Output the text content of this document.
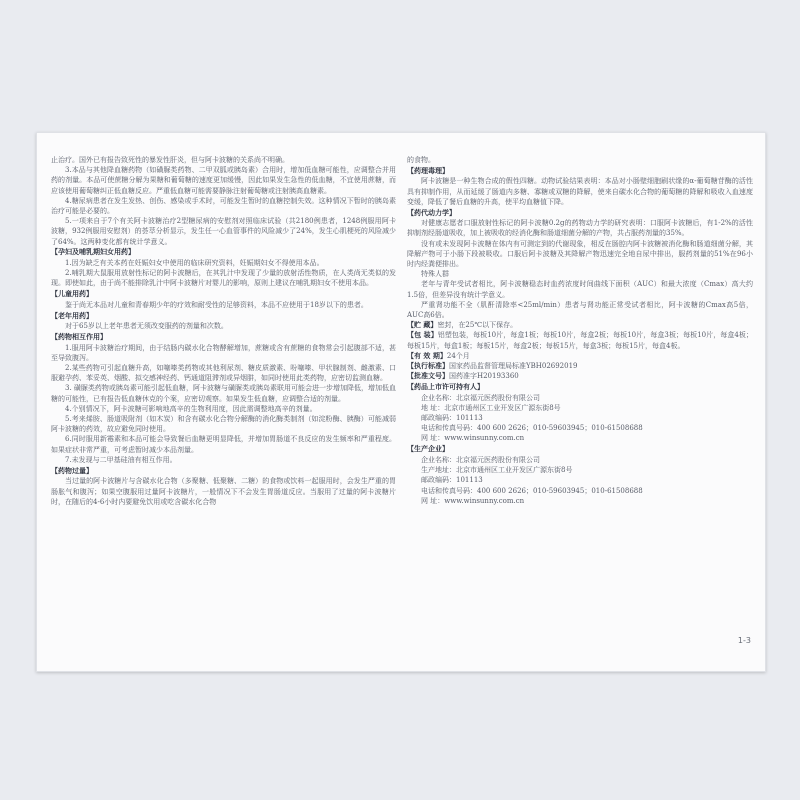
止治疗。国外已有报告致死性的暴发性肝炎，但与阿卡波糖的关系尚不明确。

3.本品与其他降血糖药物（如磺脲类药物、二甲双胍或胰岛素）合用时，增加低血糖可能性，应调整合并用药的剂量。本品可使蔗糖分解为果糖和葡萄糖的速度更加缓慢，因此如果发生急性的低血糖，不宜使用蔗糖，而应该使用葡萄糖纠正低血糖反应。严重低血糖可能需要静脉注射葡萄糖或注射胰高血糖素。

4.糖尿病患者在发生发热、创伤、感染或手术时，可能发生暂时的血糖控制失效。这种情况下暂时的胰岛素治疗可能是必要的。

5.一项来自于7个有关阿卡波糖治疗2型糖尿病的安慰剂对照临床试验（共2180例患者，1248例服用阿卡波糖，932例服用安慰剂）的荟萃分析显示，发生任一心血管事件的风险减少了24%，发生心肌梗死的风险减少了64%。这两种变化都有统计学意义。

【孕妇及哺乳期妇女用药】

1.因为缺乏有关本药在妊娠妇女中使用的临床研究资料，妊娠期妇女不得使用本品。

2.哺乳期大鼠服用放射性标记的阿卡波糖后，在其乳汁中发现了少量的放射活性物质，在人类尚无类似的发现。即使如此，由于尚不能排除乳汁中阿卡波糖片对婴儿的影响，原则上建议在哺乳期妇女不使用本品。

【儿童用药】

鉴于尚无本品对儿童和青春期少年的疗效和耐受性的足够资料，本品不应使用于18岁以下的患者。

【老年用药】

对于65岁以上老年患者无须改变服药的剂量和次数。

【药物相互作用】

1.服用阿卡波糖治疗期间，由于结肠内碳水化合物酵解增加，蔗糖或含有蔗糖的食物常会引起腹部不适，甚至导致腹泻。

2.某些药物可引起血糖升高，如噻嗪类药物或其他利尿剂、糖皮质激素、吩噻嗪、甲状腺制剂、雌激素、口服避孕药、苯妥英、烟酸、拟交感神经药、钙通道阻滞剂或异烟肼，如同时使用此类药物，应密切监测血糖。

3. 磺脲类药物或胰岛素可能引起低血糖，阿卡波糖与磺脲类或胰岛素联用可能会进一步增加降低，增加低血糖的可能性，已有报告低血糖休克的个案，应密切观察。如果发生低血糖，应调整合适的剂量。

4.个别情况下，阿卡波糖可影响地高辛的生物利用度，因此需调整地高辛的剂量。

5.考来烯胺、肠道吸附剂（如木炭）和含有碳水化合物分解酶的消化酶类制剂（如淀粉酶、胰酶）可能减弱阿卡波糖的药效，故应避免同时使用。

6.同时服用新霉素和本品可能会导致餐后血糖更明显降低，并增加胃肠道不良反应的发生频率和严重程度。如果症状非常严重，可考虑暂时减少本品剂量。

7.未发现与二甲基硅油有相互作用。

【药物过量】

当过量的阿卡波糖片与含碳水化合物（多聚糖、低聚糖、二糖）的食物或饮料一起服用时，会发生严重的胃肠胀气和腹泻；如果空腹服用过量阿卡波糖片，一般情况下不会发生胃肠道反应。当服用了过量的阿卡波糖片时，在随后的4-6小时内要避免饮用或吃含碳水化合物

的食物。

【药理毒理】

阿卡波糖是一种生物合成的假性四糖。动物试验结果表明：本品对小肠壁细胞刷状缘的α-葡萄糖苷酶的活性具有抑制作用，从而延缓了肠道内多糖、寡糖或双糖的降解，使来自碳水化合物的葡萄糖的降解和吸收入血速度变缓，降低了餐后血糖的升高，使平均血糖值下降。

【药代动力学】

对健康志愿者口服放射性标记的阿卡波糖0.2g的药物动力学的研究表明：口服阿卡波糖后，有1-2%的活性抑制剂经肠道吸收，加上被吸收的经消化酶和肠道细菌分解的产物，共占服药剂量的35%。

没有或未发现阿卡波糖在体内有可测定到的代谢现象，相反在肠腔内阿卡波糖被消化酶和肠道细菌分解，其降解产物可于小肠下段被吸收。口服后阿卡波糖及其降解产物迅速完全地自尿中排出，服药剂量的51%在96小时内经粪便排出。

特殊人群

老年与青年受试者相比，阿卡波糖稳态时血药浓度时间曲线下面积（AUC）和最大浓度（Cmax）高大约1.5倍，但差异没有统计学意义。

严重肾功能不全（肌酐清除率<25ml/min）患者与肾功能正常受试者相比，阿卡波糖的Cmax高5倍，AUC高6倍。

【贮 藏】密封，在25℃以下保存。

【包 装】铝塑包装，每板10片，每盒1板；每板10片，每盒2板；每板10片，每盒3板；每板10片，每盒4板；每板15片，每盒1板；每板15片，每盒2板；每板15片，每盒3板；每板15片，每盒4板。

【有 效 期】24个月

【执行标准】国家药品监督管理局标准YBH02692019

【批准文号】国药准字H20193360

【药品上市许可持有人】

企业名称：北京福元医药股份有限公司

地 址：北京市通州区工业开发区广源东街8号

邮政编码：101113

电话和传真号码：400 600 2626；010-59603945；010-61508688

网 址：www.winsunny.com.cn

【生产企业】

企业名称：北京福元医药股份有限公司

生产地址：北京市通州区工业开发区广源东街8号

邮政编码：101113

电话和传真号码：400 600 2626；010-59603945；010-61508688

网 址：www.winsunny.com.cn

1-3
